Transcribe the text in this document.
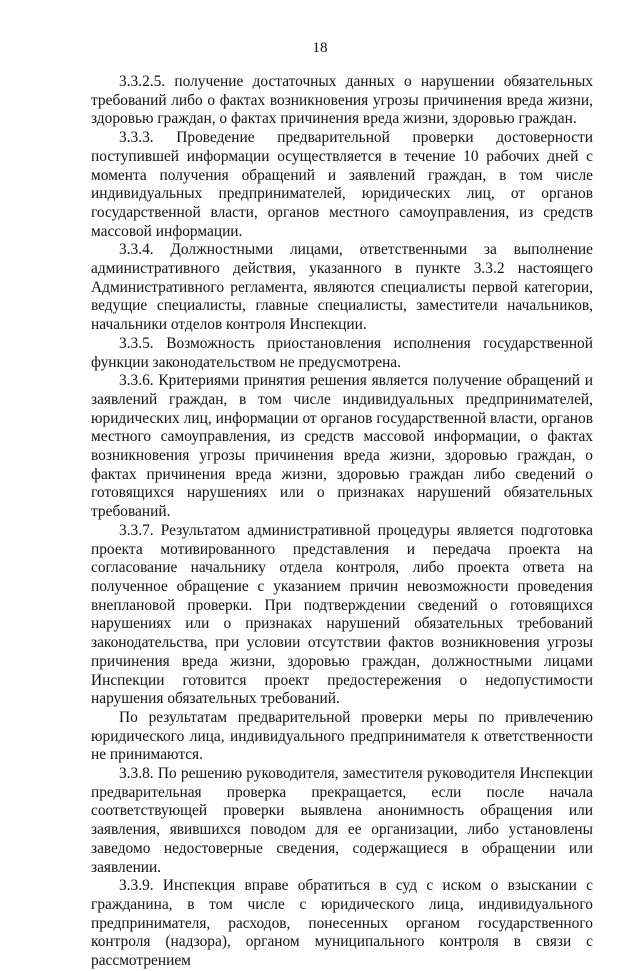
18

3.3.2.5. получение достаточных данных о нарушении обязательных требований либо о фактах возникновения угрозы причинения вреда жизни, здоровью граждан, о фактах причинения вреда жизни, здоровью граждан.

3.3.3. Проведение предварительной проверки достоверности поступившей информации осуществляется в течение 10 рабочих дней с момента получения обращений и заявлений граждан, в том числе индивидуальных предпринимателей, юридических лиц, от органов государственной власти, органов местного самоуправления, из средств массовой информации.

3.3.4. Должностными лицами, ответственными за выполнение административного действия, указанного в пункте 3.3.2 настоящего Административного регламента, являются специалисты первой категории, ведущие специалисты, главные специалисты, заместители начальников, начальники отделов контроля Инспекции.

3.3.5. Возможность приостановления исполнения государственной функции законодательством не предусмотрена.

3.3.6. Критериями принятия решения является получение обращений и заявлений граждан, в том числе индивидуальных предпринимателей, юридических лиц, информации от органов государственной власти, органов местного самоуправления, из средств массовой информации, о фактах возникновения угрозы причинения вреда жизни, здоровью граждан, о фактах причинения вреда жизни, здоровью граждан либо сведений о готовящихся нарушениях или о признаках нарушений обязательных требований.

3.3.7. Результатом административной процедуры является подготовка проекта мотивированного представления и передача проекта на согласование начальнику отдела контроля, либо проекта ответа на полученное обращение с указанием причин невозможности проведения внеплановой проверки. При подтверждении сведений о готовящихся нарушениях или о признаках нарушений обязательных требований законодательства, при условии отсутствии фактов возникновения угрозы причинения вреда жизни, здоровью граждан, должностными лицами Инспекции готовится проект предостережения о недопустимости нарушения обязательных требований.

По результатам предварительной проверки меры по привлечению юридического лица, индивидуального предпринимателя к ответственности не принимаются.

3.3.8. По решению руководителя, заместителя руководителя Инспекции предварительная проверка прекращается, если после начала соответствующей проверки выявлена анонимность обращения или заявления, явившихся поводом для ее организации, либо установлены заведомо недостоверные сведения, содержащиеся в обращении или заявлении.

3.3.9. Инспекция вправе обратиться в суд с иском о взыскании с гражданина, в том числе с юридического лица, индивидуального предпринимателя, расходов, понесенных органом государственного контроля (надзора), органом муниципального контроля в связи с рассмотрением
